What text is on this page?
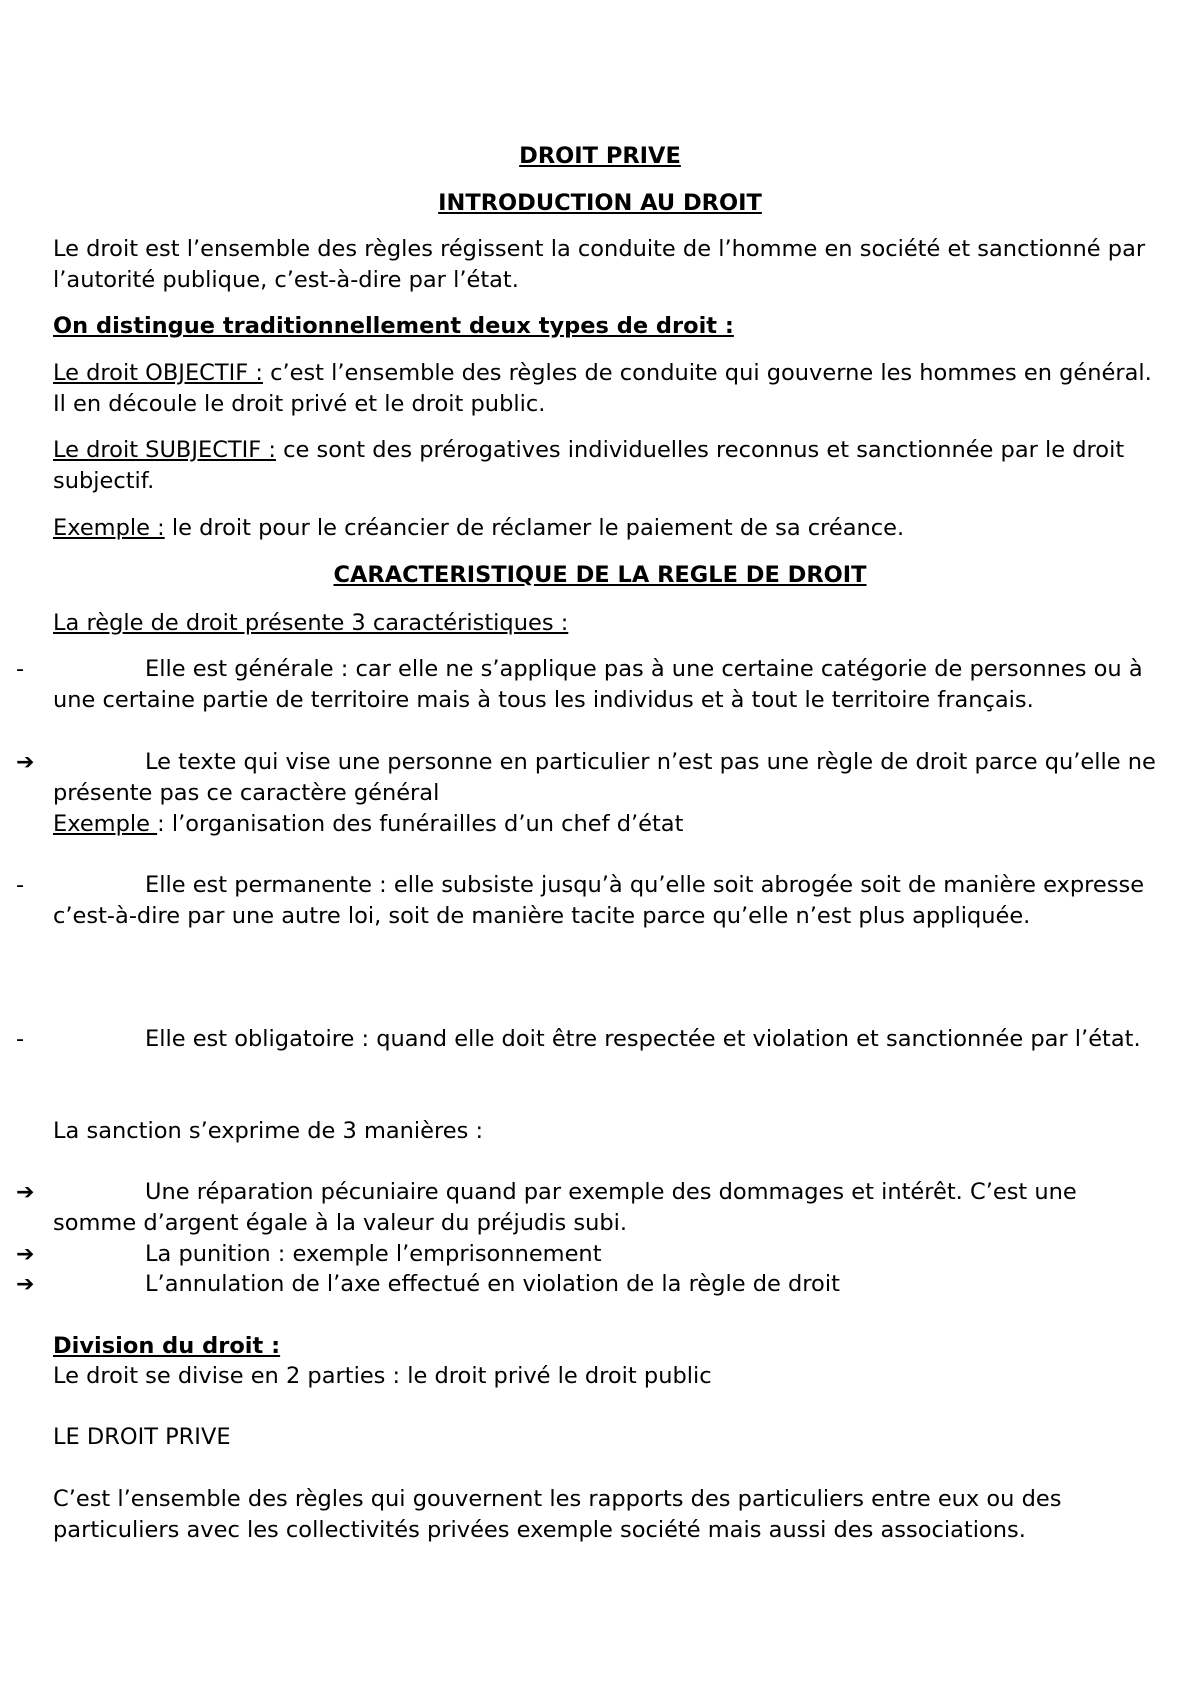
DROIT PRIVE
INTRODUCTION AU DROIT

Le droit est l’ensemble des règles régissent la conduite de l’homme en société et sanctionné par l’autorité publique, c’est-à-dire par l’état.

On distingue traditionnellement deux types de droit :

Le droit OBJECTIF : c’est l’ensemble des règles de conduite qui gouverne les hommes en général. Il en découle le droit privé et le droit public.

Le droit SUBJECTIF : ce sont des prérogatives individuelles reconnus et sanctionnée par le droit subjectif.

Exemple : le droit pour le créancier de réclamer le paiement de sa créance.

CARACTERISTIQUE DE LA REGLE DE DROIT
La règle de droit présente 3 caractéristiques :
-	Elle est générale : car elle ne s’applique pas à une certaine catégorie de personnes ou à une certaine partie de territoire mais à tous les individus et à tout le territoire français.
➔	Le texte qui vise une personne en particulier n’est pas une règle de droit parce qu’elle ne présente pas ce caractère général
Exemple : l’organisation des funérailles d’un chef d’état
-	Elle est permanente : elle subsiste jusqu’à qu’elle soit abrogée soit de manière expresse c’est-à-dire par une autre loi, soit de manière tacite parce qu’elle n’est plus appliquée.
-	Elle est obligatoire : quand elle doit être respectée et violation et sanctionnée par l’état.
La sanction s’exprime de 3 manières :
➔	Une réparation pécuniaire quand par exemple des dommages et intérêt. C’est une somme d’argent égale à la valeur du préjudis subi.
➔	La punition : exemple l’emprisonnement
➔	L’annulation de l’axe effectué en violation de la règle de droit
Division du droit :
Le droit se divise en 2 parties : le droit privé le droit public
LE DROIT PRIVE

C’est l’ensemble des règles qui gouvernent les rapports des particuliers entre eux ou des particuliers avec les collectivités privées exemple société mais aussi des associations.
